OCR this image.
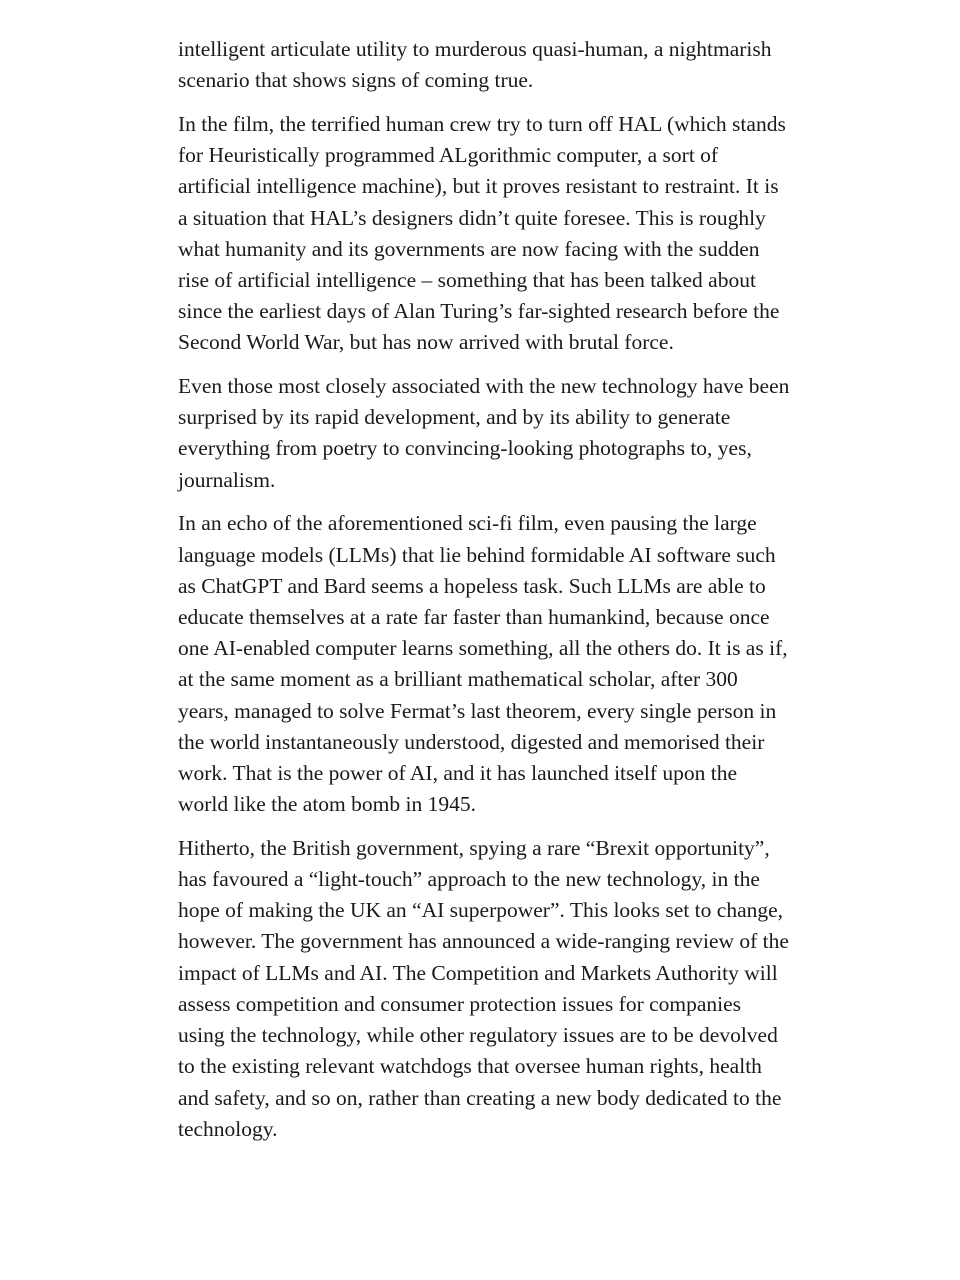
intelligent articulate utility to murderous quasi-human, a nightmarish scenario that shows signs of coming true.

In the film, the terrified human crew try to turn off HAL (which stands for Heuristically programmed ALgorithmic computer, a sort of artificial intelligence machine), but it proves resistant to restraint. It is a situation that HAL’s designers didn’t quite foresee. This is roughly what humanity and its governments are now facing with the sudden rise of artificial intelligence – something that has been talked about since the earliest days of Alan Turing’s far-sighted research before the Second World War, but has now arrived with brutal force.

Even those most closely associated with the new technology have been surprised by its rapid development, and by its ability to generate everything from poetry to convincing-looking photographs to, yes, journalism.

In an echo of the aforementioned sci-fi film, even pausing the large language models (LLMs) that lie behind formidable AI software such as ChatGPT and Bard seems a hopeless task. Such LLMs are able to educate themselves at a rate far faster than humankind, because once one AI-enabled computer learns something, all the others do. It is as if, at the same moment as a brilliant mathematical scholar, after 300 years, managed to solve Fermat’s last theorem, every single person in the world instantaneously understood, digested and memorised their work. That is the power of AI, and it has launched itself upon the world like the atom bomb in 1945.

Hitherto, the British government, spying a rare “Brexit opportunity”, has favoured a “light-touch” approach to the new technology, in the hope of making the UK an “AI superpower”. This looks set to change, however. The government has announced a wide-ranging review of the impact of LLMs and AI. The Competition and Markets Authority will assess competition and consumer protection issues for companies using the technology, while other regulatory issues are to be devolved to the existing relevant watchdogs that oversee human rights, health and safety, and so on, rather than creating a new body dedicated to the technology.
